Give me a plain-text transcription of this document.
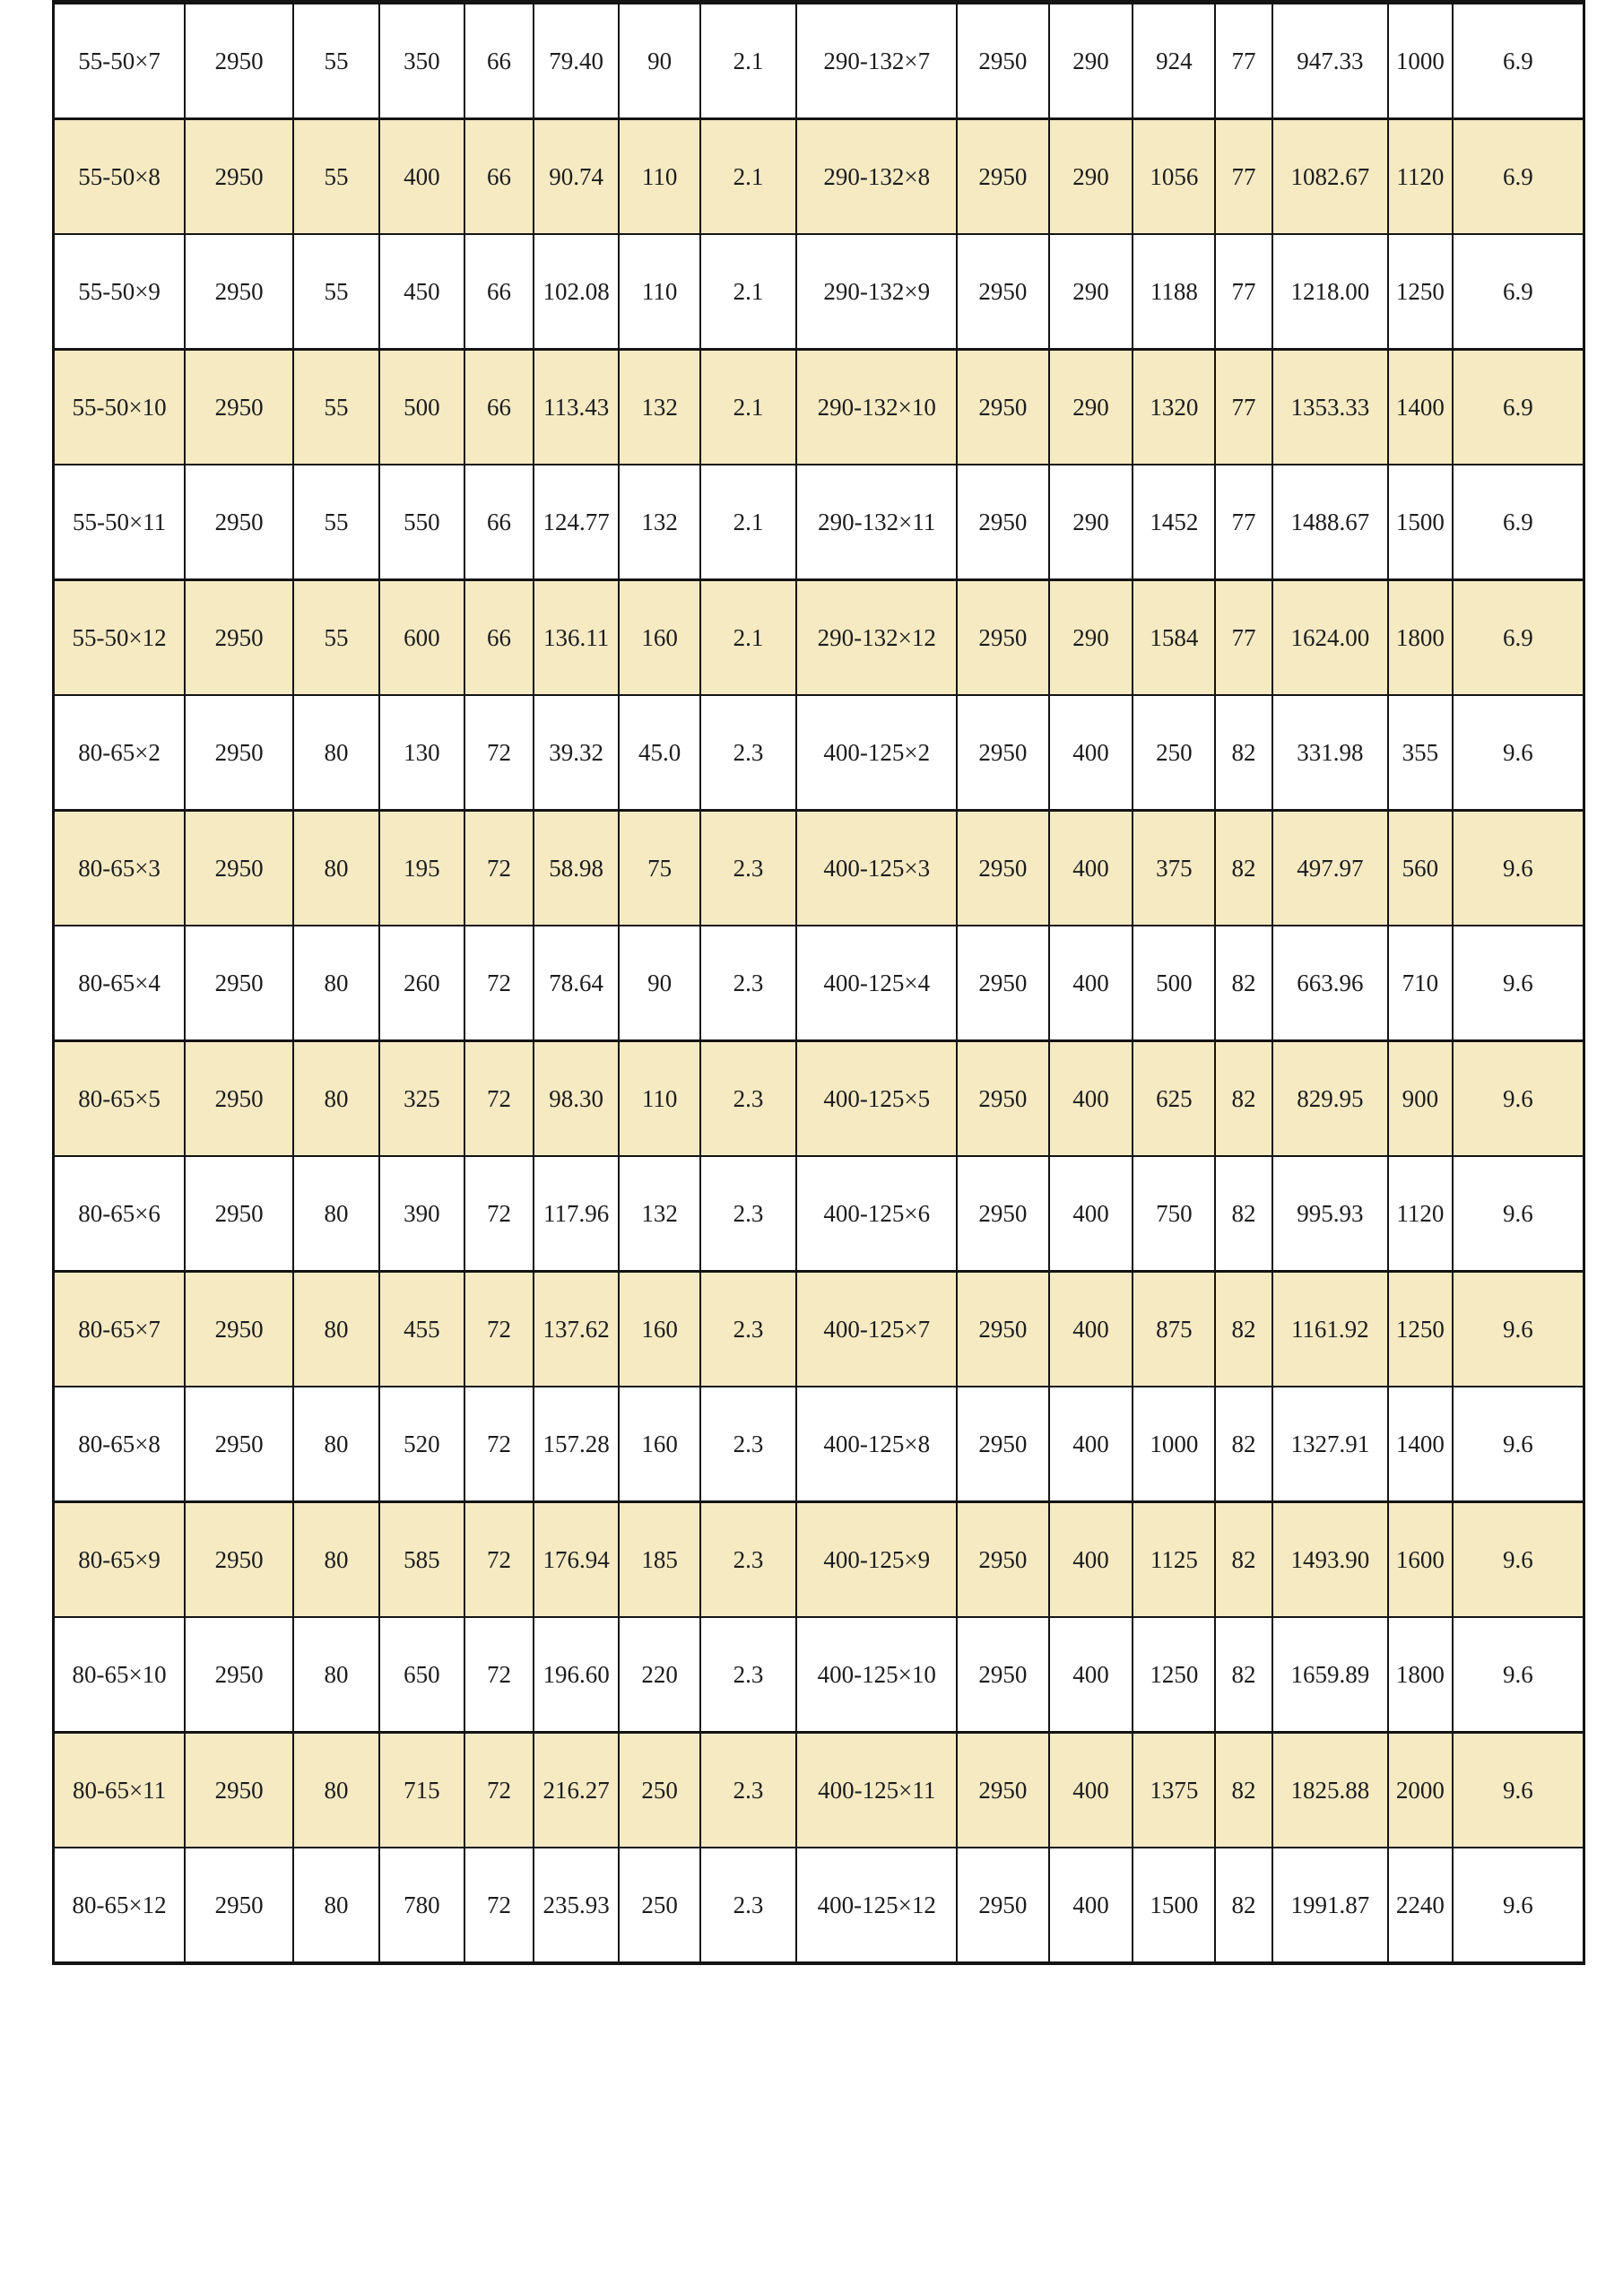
55-50×7	2950	55	350	66	79.40	90	2.1	290-132×7	2950	290	924	77	947.33	1000	6.9
55-50×8	2950	55	400	66	90.74	110	2.1	290-132×8	2950	290	1056	77	1082.67	1120	6.9
55-50×9	2950	55	450	66	102.08	110	2.1	290-132×9	2950	290	1188	77	1218.00	1250	6.9
55-50×10	2950	55	500	66	113.43	132	2.1	290-132×10	2950	290	1320	77	1353.33	1400	6.9
55-50×11	2950	55	550	66	124.77	132	2.1	290-132×11	2950	290	1452	77	1488.67	1500	6.9
55-50×12	2950	55	600	66	136.11	160	2.1	290-132×12	2950	290	1584	77	1624.00	1800	6.9
80-65×2	2950	80	130	72	39.32	45.0	2.3	400-125×2	2950	400	250	82	331.98	355	9.6
80-65×3	2950	80	195	72	58.98	75	2.3	400-125×3	2950	400	375	82	497.97	560	9.6
80-65×4	2950	80	260	72	78.64	90	2.3	400-125×4	2950	400	500	82	663.96	710	9.6
80-65×5	2950	80	325	72	98.30	110	2.3	400-125×5	2950	400	625	82	829.95	900	9.6
80-65×6	2950	80	390	72	117.96	132	2.3	400-125×6	2950	400	750	82	995.93	1120	9.6
80-65×7	2950	80	455	72	137.62	160	2.3	400-125×7	2950	400	875	82	1161.92	1250	9.6
80-65×8	2950	80	520	72	157.28	160	2.3	400-125×8	2950	400	1000	82	1327.91	1400	9.6
80-65×9	2950	80	585	72	176.94	185	2.3	400-125×9	2950	400	1125	82	1493.90	1600	9.6
80-65×10	2950	80	650	72	196.60	220	2.3	400-125×10	2950	400	1250	82	1659.89	1800	9.6
80-65×11	2950	80	715	72	216.27	250	2.3	400-125×11	2950	400	1375	82	1825.88	2000	9.6
80-65×12	2950	80	780	72	235.93	250	2.3	400-125×12	2950	400	1500	82	1991.87	2240	9.6
